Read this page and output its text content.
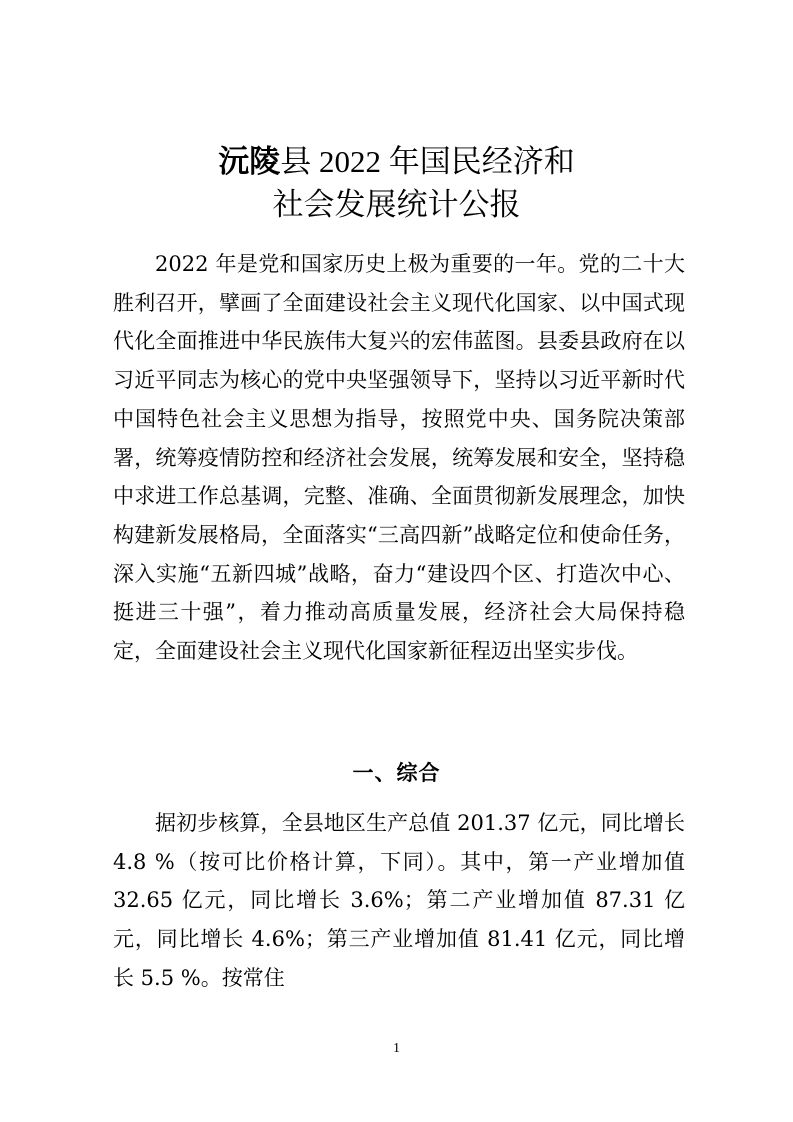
沅陵县 2022 年国民经济和
社会发展统计公报

2022 年是党和国家历史上极为重要的一年。党的二十大胜利召开，擘画了全面建设社会主义现代化国家、以中国式现代化全面推进中华民族伟大复兴的宏伟蓝图。县委县政府在以习近平同志为核心的党中央坚强领导下，坚持以习近平新时代中国特色社会主义思想为指导，按照党中央、国务院决策部署，统筹疫情防控和经济社会发展，统筹发展和安全，坚持稳中求进工作总基调，完整、准确、全面贯彻新发展理念，加快构建新发展格局，全面落实“三高四新”战略定位和使命任务，深入实施“五新四城”战略，奋力“建设四个区、打造次中心、挺进三十强”，着力推动高质量发展，经济社会大局保持稳定，全面建设社会主义现代化国家新征程迈出坚实步伐。

一、综合

据初步核算，全县地区生产总值 201.37 亿元，同比增长 4.8 %（按可比价格计算，下同）。其中，第一产业增加值 32.65 亿元，同比增长 3.6%；第二产业增加值 87.31 亿元，同比增长 4.6%；第三产业增加值 81.41 亿元，同比增长 5.5 %。按常住

1
